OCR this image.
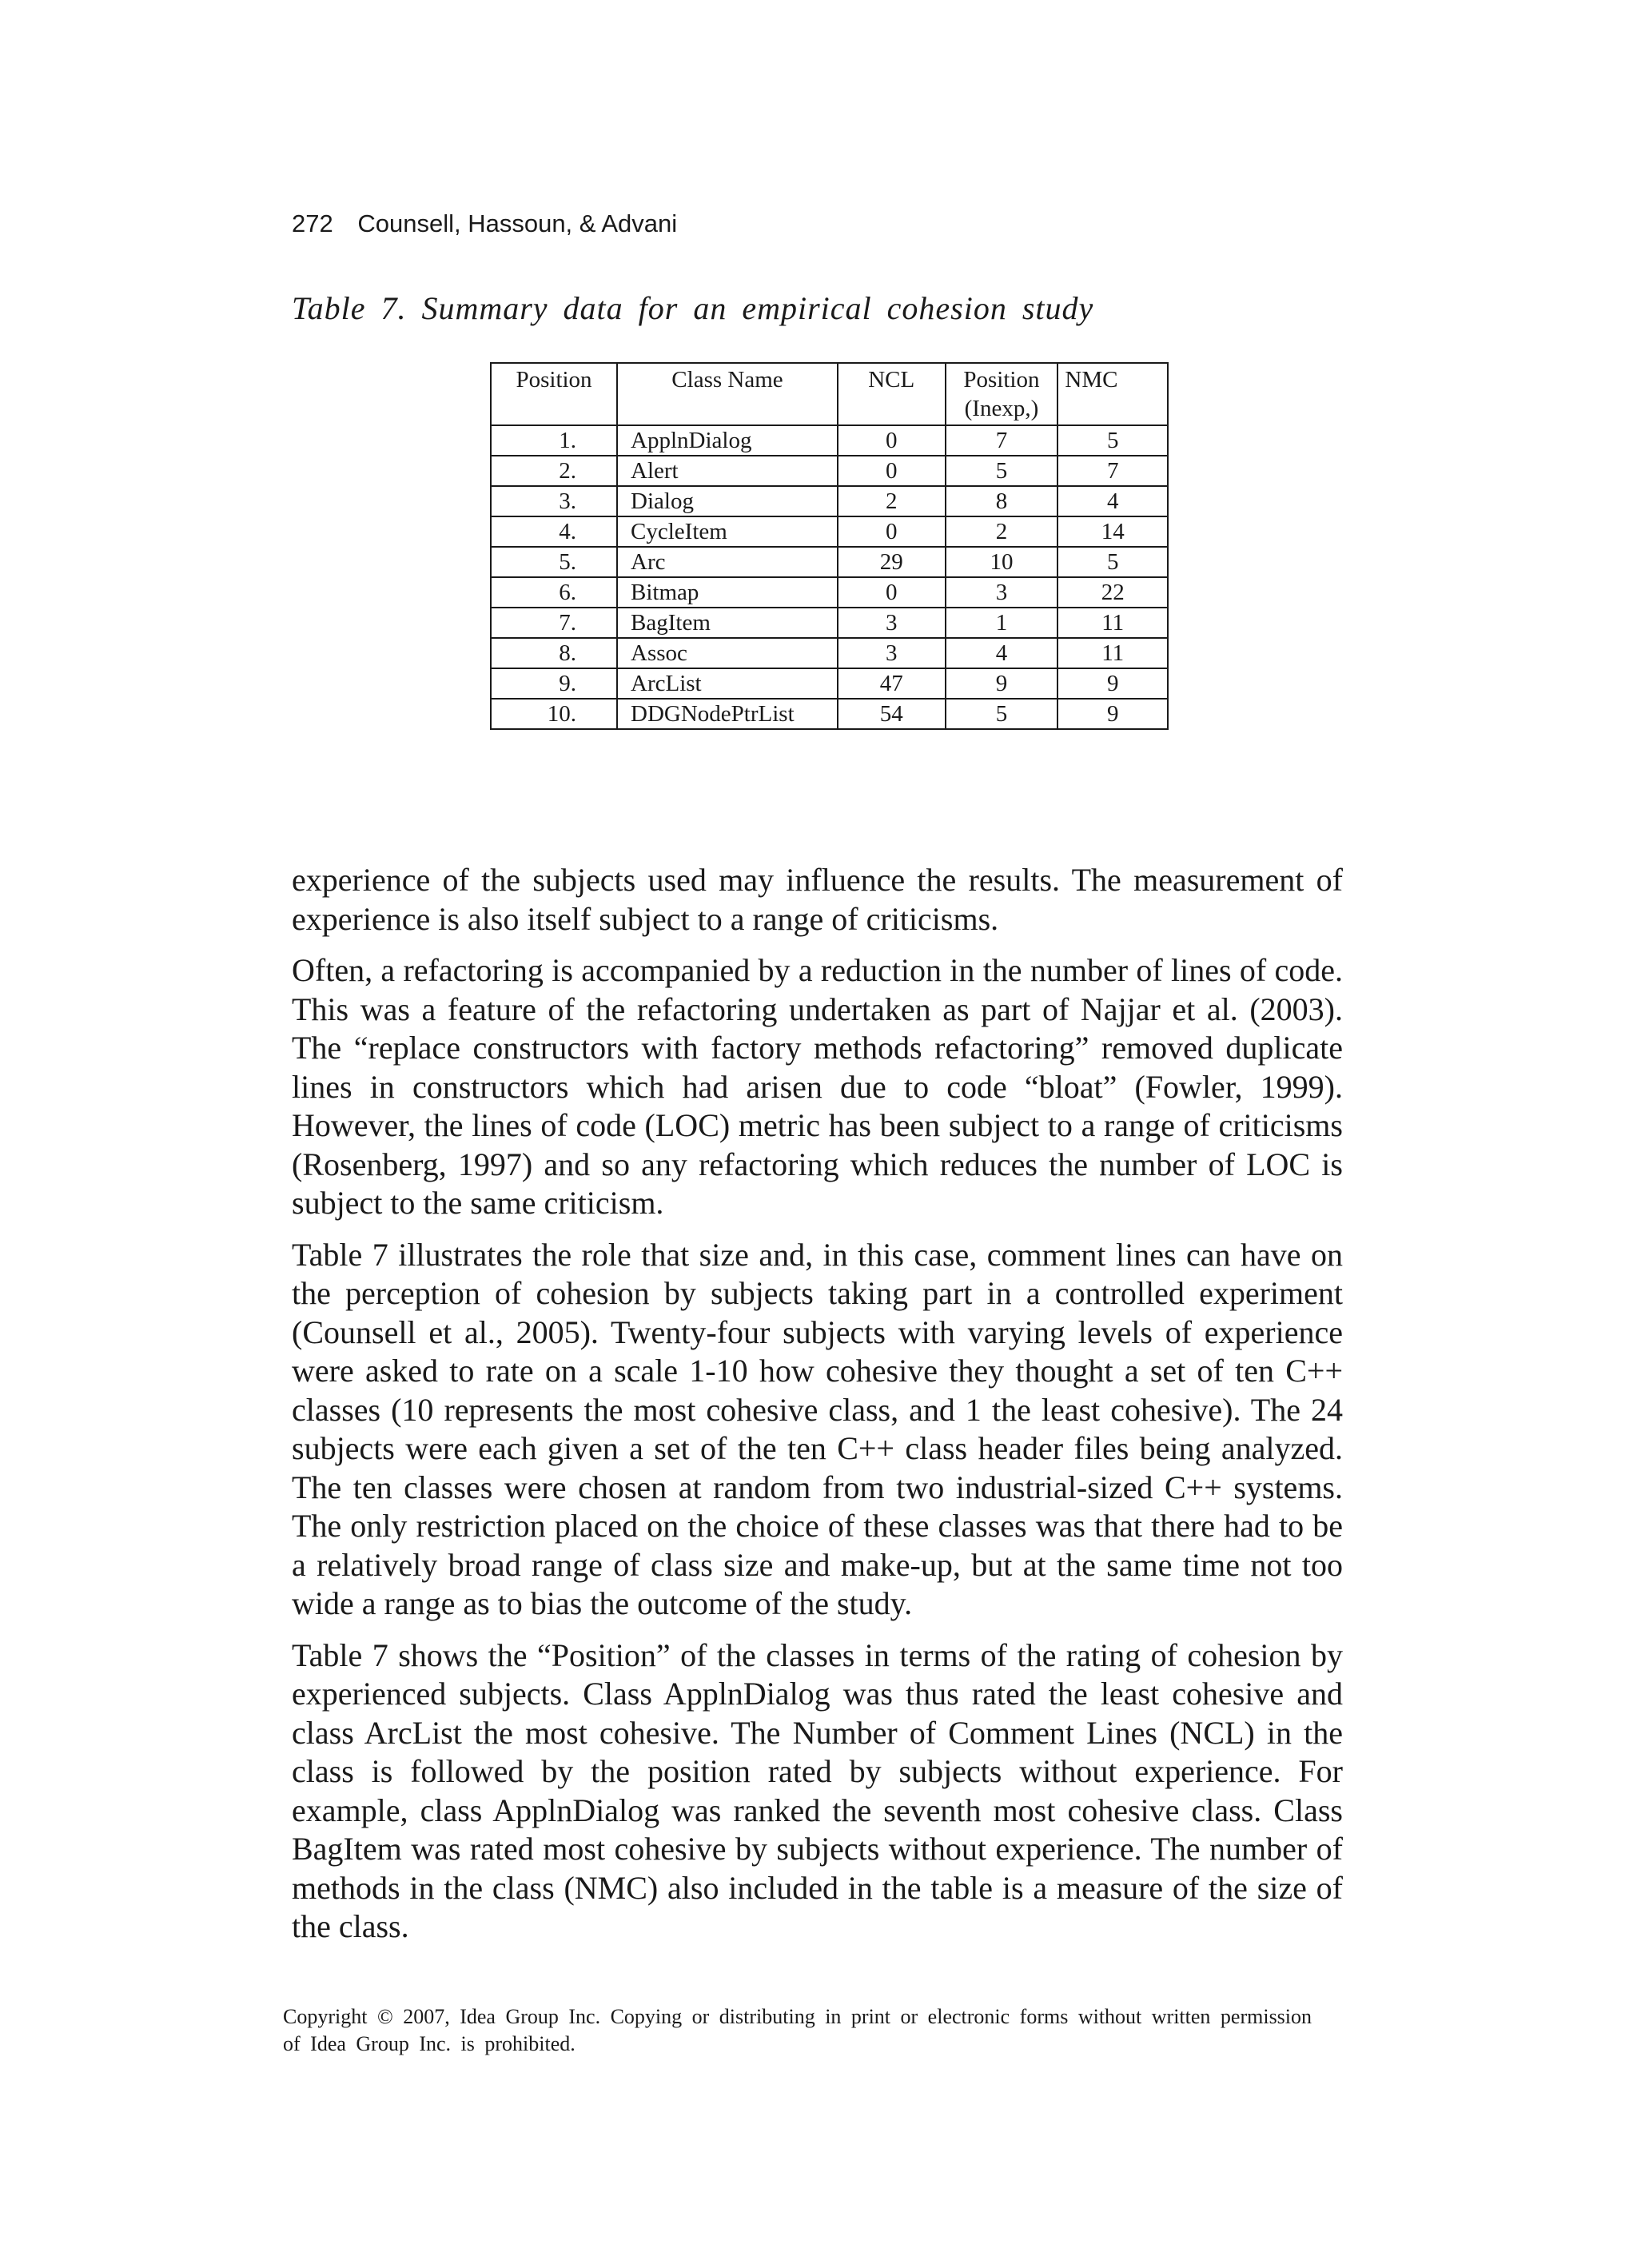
272 Counsell, Hassoun, & Advani
Table 7. Summary data for an empirical cohesion study
Position	Class Name	NCL	Position (Inexp,)	NMC
1.	ApplnDialog	0	7	5
2.	Alert	0	5	7
3.	Dialog	2	8	4
4.	CycleItem	0	2	14
5.	Arc	29	10	5
6.	Bitmap	0	3	22
7.	BagItem	3	1	11
8.	Assoc	3	4	11
9.	ArcList	47	9	9
10.	DDGNodePtrList	54	5	9

experience of the subjects used may influence the results. The measurement of experience is also itself subject to a range of criticisms.

Often, a refactoring is accompanied by a reduction in the number of lines of code. This was a feature of the refactoring undertaken as part of Najjar et al. (2003). The “replace constructors with factory methods refactoring” removed duplicate lines in constructors which had arisen due to code “bloat” (Fowler, 1999). However, the lines of code (LOC) metric has been subject to a range of criticisms (Rosenberg, 1997) and so any refactoring which reduces the number of LOC is subject to the same criticism.

Table 7 illustrates the role that size and, in this case, comment lines can have on the perception of cohesion by subjects taking part in a controlled experiment (Counsell et al., 2005). Twenty-four subjects with varying levels of experience were asked to rate on a scale 1-10 how cohesive they thought a set of ten C++ classes (10 represents the most cohesive class, and 1 the least cohesive). The 24 subjects were each given a set of the ten C++ class header files being analyzed. The ten classes were chosen at random from two industrial-sized C++ systems. The only restriction placed on the choice of these classes was that there had to be a relatively broad range of class size and make-up, but at the same time not too wide a range as to bias the outcome of the study.

Table 7 shows the “Position” of the classes in terms of the rating of cohesion by experienced subjects. Class ApplnDialog was thus rated the least cohesive and class ArcList the most cohesive. The Number of Comment Lines (NCL) in the class is followed by the position rated by subjects without experience. For example, class ApplnDialog was ranked the seventh most cohesive class. Class BagItem was rated most cohesive by subjects without experience. The number of methods in the class (NMC) also included in the table is a measure of the size of the class.

Copyright © 2007, Idea Group Inc. Copying or distributing in print or electronic forms without written permission of Idea Group Inc. is prohibited.
